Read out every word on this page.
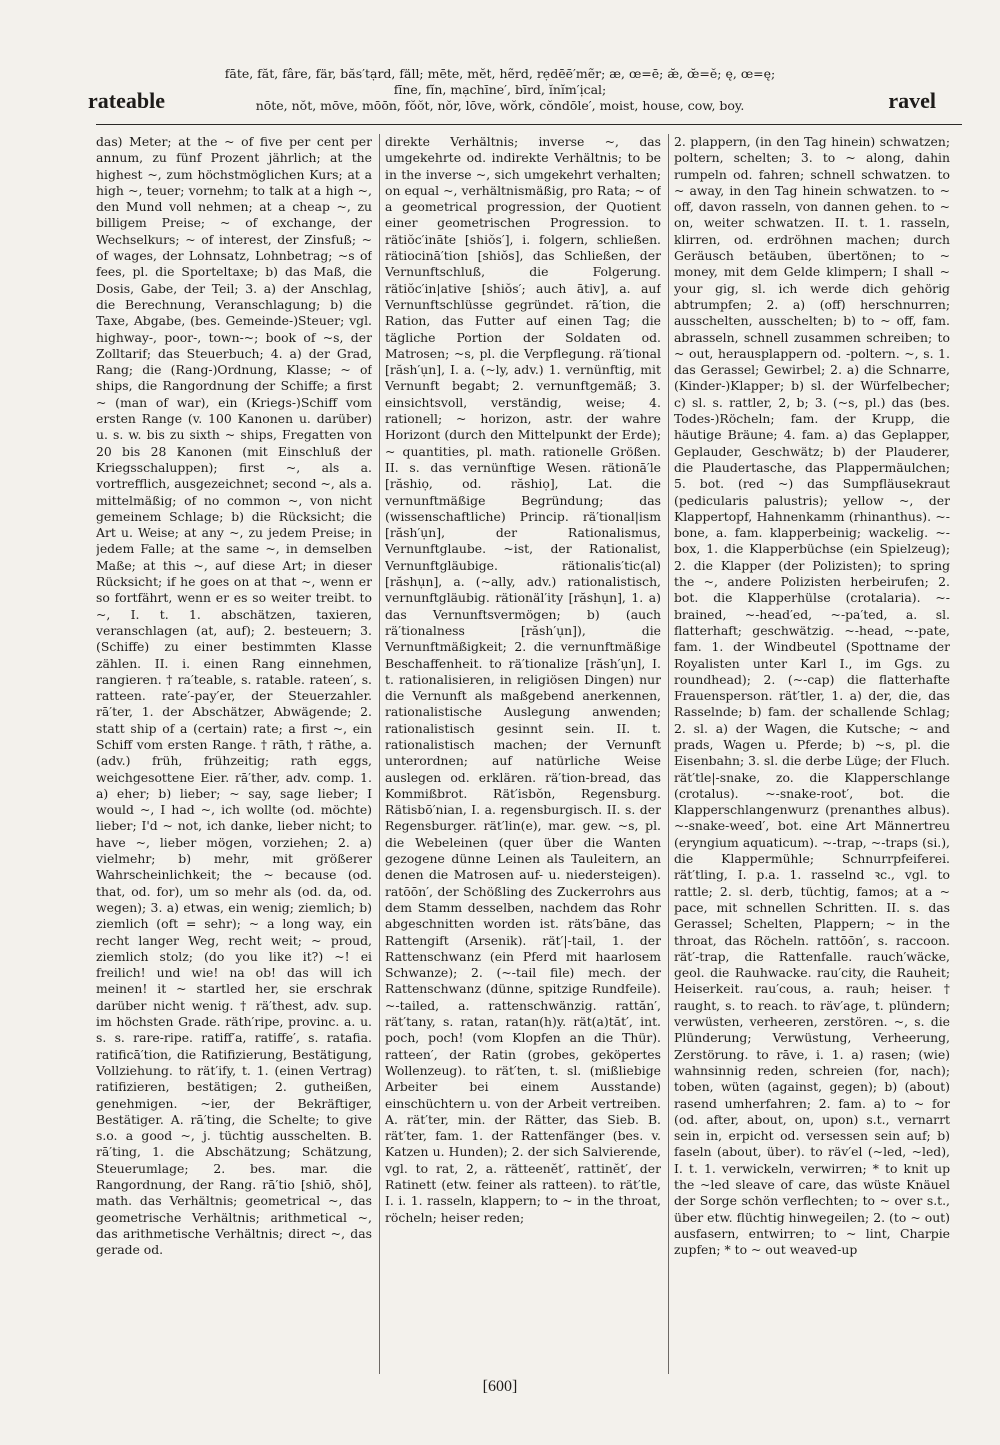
rateable
fāte, făt, fâre, fär, băs′tạrd, fäll; mēte, mĕt, hẽrd, rẹdēē′mẽr; æ, œ=ē; æ̆, œ̆=ĕ; ę, œ=ę;
fīne, fĭn, mạchīne′, bīrd, ĭnĭm′ịcal;
nōte, nŏt, mōve, mōōn, fŏŏt, nŏr, lōve, wŏrk, cŏndōle′, moist, house, cow, boy.	ravel

das) Meter; at the ~ of five per cent per annum, zu fünf Prozent jährlich; at the highest ~, zum höchstmöglichen Kurs; at a high ~, teuer; vornehm; to talk at a high ~, den Mund voll nehmen; at a cheap ~, zu billigem Preise; ~ of exchange, der Wechselkurs; ~ of interest, der Zinsfuß; ~ of wages, der Lohnsatz, Lohnbetrag; ~s of fees, pl. die Sporteltaxe; b) das Maß, die Dosis, Gabe, der Teil; 3. a) der Anschlag, die Berechnung, Veranschlagung; b) die Taxe, Abgabe, (bes. Gemeinde-)Steuer; vgl. highway-, poor-, town-~; book of ~s, der Zolltarif; das Steuerbuch; 4. a) der Grad, Rang; die (Rang-)Ordnung, Klasse; ~ of ships, die Rangordnung der Schiffe; a first ~ (man of war), ein (Kriegs-)Schiff vom ersten Range (v. 100 Kanonen u. darüber) u. s. w. bis zu sixth ~ ships, Fregatten von 20 bis 28 Kanonen (mit Einschluß der Kriegsschaluppen); first ~, als a. vortrefflich, ausgezeichnet; second ~, als a. mittelmäßig; of no common ~, von nicht gemeinem Schlage; b) die Rücksicht; die Art u. Weise; at any ~, zu jedem Preise; in jedem Falle; at the same ~, in demselben Maße; at this ~, auf diese Art; in dieser Rücksicht; if he goes on at that ~, wenn er so fortfährt, wenn er es so weiter treibt. to ~, I. t. 1. abschätzen, taxieren, veranschlagen (at, auf); 2. besteuern; 3. (Schiffe) zu einer bestimmten Klasse zählen. II. i. einen Rang einnehmen, rangieren. † ra′teable, s. ratable. rateen′, s. ratteen. rate′-pay′er, der Steuerzahler. rā′ter, 1. der Abschätzer, Abwägende; 2. statt ship of a (certain) rate; a first ~, ein Schiff vom ersten Range. † rāth, † rāthe, a. (adv.) früh, frühzeitig; rath eggs, weichgesottene Eier. rā′ther, adv. comp. 1. a) eher; b) lieber; ~ say, sage lieber; I would ~, I had ~, ich wollte (od. möchte) lieber; I'd ~ not, ich danke, lieber nicht; to have ~, lieber mögen, vorziehen; 2. a) vielmehr; b) mehr, mit größerer Wahrscheinlichkeit; the ~ because (od. that, od. for), um so mehr als (od. da, od. wegen); 3. a) etwas, ein wenig; ziemlich; b) ziemlich (oft = sehr); ~ a long way, ein recht langer Weg, recht weit; ~ proud, ziemlich stolz; (do you like it?) ~! ei freilich! und wie! na ob! das will ich meinen! it ~ startled her, sie erschrak darüber nicht wenig. † rä′thest, adv. sup. im höchsten Grade. räth′ripe, provinc. a. u. s. s. rare-ripe. ratiff′a, ratiffe′, s. ratafia. ratificā′tion, die Ratifizierung, Bestätigung, Vollziehung. to rät′ify, t. 1. (einen Vertrag) ratifizieren, bestätigen; 2. gutheißen, genehmigen. ~ier, der Bekräftiger, Bestätiger. A. rā′ting, die Schelte; to give s.o. a good ~, j. tüchtig ausschelten. B. rā′ting, 1. die Abschätzung; Schätzung, Steuerumlage; 2. bes. mar. die Rangordnung, der Rang. rā′tio [shiō, shō], math. das Verhältnis; geometrical ~, das geometrische Verhältnis; arithmetical ~, das arithmetische Verhältnis; direct ~, das gerade od.

direkte Verhältnis; inverse ~, das umgekehrte od. indirekte Verhältnis; to be in the inverse ~, sich umgekehrt verhalten; on equal ~, verhältnismäßig, pro Rata; ~ of a geometrical progression, der Quotient einer geometrischen Progression. to rätiŏc′ināte [shiŏs′], i. folgern, schließen. rätiocinā′tion [shiŏs], das Schließen, der Vernunftschluß, die Folgerung. rätiŏc′in|ative [shiŏs′; auch ātiv], a. auf Vernunftschlüsse gegründet. rā′tion, die Ration, das Futter auf einen Tag; die tägliche Portion der Soldaten od. Matrosen; ~s, pl. die Verpflegung. rä′tional [răsh′ụn], I. a. (~ly, adv.) 1. vernünftig, mit Vernunft begabt; 2. vernunftgemäß; 3. einsichtsvoll, verständig, weise; 4. rationell; ~ horizon, astr. der wahre Horizont (durch den Mittelpunkt der Erde); ~ quantities, pl. math. rationelle Größen. II. s. das vernünftige Wesen. rätionā′le [răshiọ, od. răshiọ], Lat. die vernunftmäßige Begründung; das (wissenschaftliche) Princip. rä′tional|ism [răsh′ụn], der Rationalismus, Vernunftglaube. ~ist, der Rationalist, Vernunftgläubige. rätionalis′tic(al) [răshụn], a. (~ally, adv.) rationalistisch, vernunftgläubig. rätionäl′ity [răshụn], 1. a) das Vernunftsvermögen; b) (auch rä′tionalness [răsh′ụn]), die Vernunftmäßigkeit; 2. die vernunftmäßige Beschaffenheit. to rä′tionalize [răsh′ụn], I. t. rationalisieren, in religiösen Dingen) nur die Vernunft als maßgebend anerkennen, rationalistische Auslegung anwenden; rationalistisch gesinnt sein. II. t. rationalistisch machen; der Vernunft unterordnen; auf natürliche Weise auslegen od. erklären. rä′tion-bread, das Kommißbrot. Rät′isbŏn, Regensburg. Rätisbō′nian, I. a. regensburgisch. II. s. der Regensburger. rät′lin(e), mar. gew. ~s, pl. die Webeleinen (quer über die Wanten gezogene dünne Leinen als Tauleitern, an denen die Matrosen auf- u. niedersteigen). ratōōn′, der Schößling des Zuckerrohrs aus dem Stamm desselben, nachdem das Rohr abgeschnitten worden ist. räts′bāne, das Rattengift (Arsenik). rät′|-tail, 1. der Rattenschwanz (ein Pferd mit haarlosem Schwanze); 2. (~-tail file) mech. der Rattenschwanz (dünne, spitzige Rundfeile). ~-tailed, a. rattenschwänzig. rattăn′, rät′tany, s. ratan, ratan(h)y. rät(a)tăt′, int. poch, poch! (vom Klopfen an die Thür). ratteen′, der Ratin (grobes, geköpertes Wollenzeug). to rät′ten, t. sl. (mißliebige Arbeiter bei einem Ausstande) einschüchtern u. von der Arbeit vertreiben. A. rät′ter, min. der Rätter, das Sieb. B. rät′ter, fam. 1. der Rattenfänger (bes. v. Katzen u. Hunden); 2. der sich Salvierende, vgl. to rat, 2, a. rätteenĕt′, rattinĕt′, der Ratinett (etw. feiner als ratteen). to rät′tle, I. i. 1. rasseln, klappern; to ~ in the throat, röcheln; heiser reden;

2. plappern, (in den Tag hinein) schwatzen; poltern, schelten; 3. to ~ along, dahin rumpeln od. fahren; schnell schwatzen. to ~ away, in den Tag hinein schwatzen. to ~ off, davon rasseln, von dannen gehen. to ~ on, weiter schwatzen. II. t. 1. rasseln, klirren, od. erdröhnen machen; durch Geräusch betäuben, übertönen; to ~ money, mit dem Gelde klimpern; I shall ~ your gig, sl. ich werde dich gehörig abtrumpfen; 2. a) (off) herschnurren; ausschelten, ausschelten; b) to ~ off, fam. abrasseln, schnell zusammen schreiben; to ~ out, herausplappern od. -poltern. ~, s. 1. das Gerassel; Gewirbel; 2. a) die Schnarre, (Kinder-)Klapper; b) sl. der Würfelbecher; c) sl. s. rattler, 2, b; 3. (~s, pl.) das (bes. Todes-)Röcheln; fam. der Krupp, die häutige Bräune; 4. fam. a) das Geplapper, Geplauder, Geschwätz; b) der Plauderer, die Plaudertasche, das Plappermäulchen; 5. bot. (red ~) das Sumpfläusekraut (pedicularis palustris); yellow ~, der Klappertopf, Hahnenkamm (rhinanthus). ~-bone, a. fam. klapperbeinig; wackelig. ~-box, 1. die Klapperbüchse (ein Spielzeug); 2. die Klapper (der Polizisten); to spring the ~, andere Polizisten herbeirufen; 2. bot. die Klapperhülse (crotalaria). ~-brained, ~-head′ed, ~-pa′ted, a. sl. flatterhaft; geschwätzig. ~-head, ~-pate, fam. 1. der Windbeutel (Spottname der Royalisten unter Karl I., im Ggs. zu roundhead); 2. (~-cap) die flatterhafte Frauensperson. rät′tler, 1. a) der, die, das Rasselnde; b) fam. der schallende Schlag; 2. sl. a) der Wagen, die Kutsche; ~ and prads, Wagen u. Pferde; b) ~s, pl. die Eisenbahn; 3. sl. die derbe Lüge; der Fluch. rät′tle|-snake, zo. die Klapperschlange (crotalus). ~-snake-root′, bot. die Klapperschlangenwurz (prenanthes albus). ~-snake-weed′, bot. eine Art Männertreu (eryngium aquaticum). ~-trap, ~-traps (si.), die Klappermühle; Schnurrpfeiferei. rät′tling, I. p.a. 1. rasselnd ꝛc., vgl. to rattle; 2. sl. derb, tüchtig, famos; at a ~ pace, mit schnellen Schritten. II. s. das Gerassel; Schelten, Plappern; ~ in the throat, das Röcheln. rattōōn′, s. raccoon. rät′-trap, die Rattenfalle. rauch′wäcke, geol. die Rauhwacke. rau′city, die Rauheit; Heiserkeit. rau′cous, a. rauh; heiser. † raught, s. to reach. to räv′age, t. plündern; verwüsten, verheeren, zerstören. ~, s. die Plünderung; Verwüstung, Verheerung, Zerstörung. to rāve, i. 1. a) rasen; (wie) wahnsinnig reden, schreien (for, nach); toben, wüten (against, gegen); b) (about) rasend umherfahren; 2. fam. a) to ~ for (od. after, about, on, upon) s.t., vernarrt sein in, erpicht od. versessen sein auf; b) faseln (about, über). to räv′el (~led, ~led), I. t. 1. verwickeln, verwirren; * to knit up the ~led sleave of care, das wüste Knäuel der Sorge schön verflechten; to ~ over s.t., über etw. flüchtig hinwegeilen; 2. (to ~ out) ausfasern, entwirren; to ~ lint, Charpie zupfen; * to ~ out weaved-up

[600]
